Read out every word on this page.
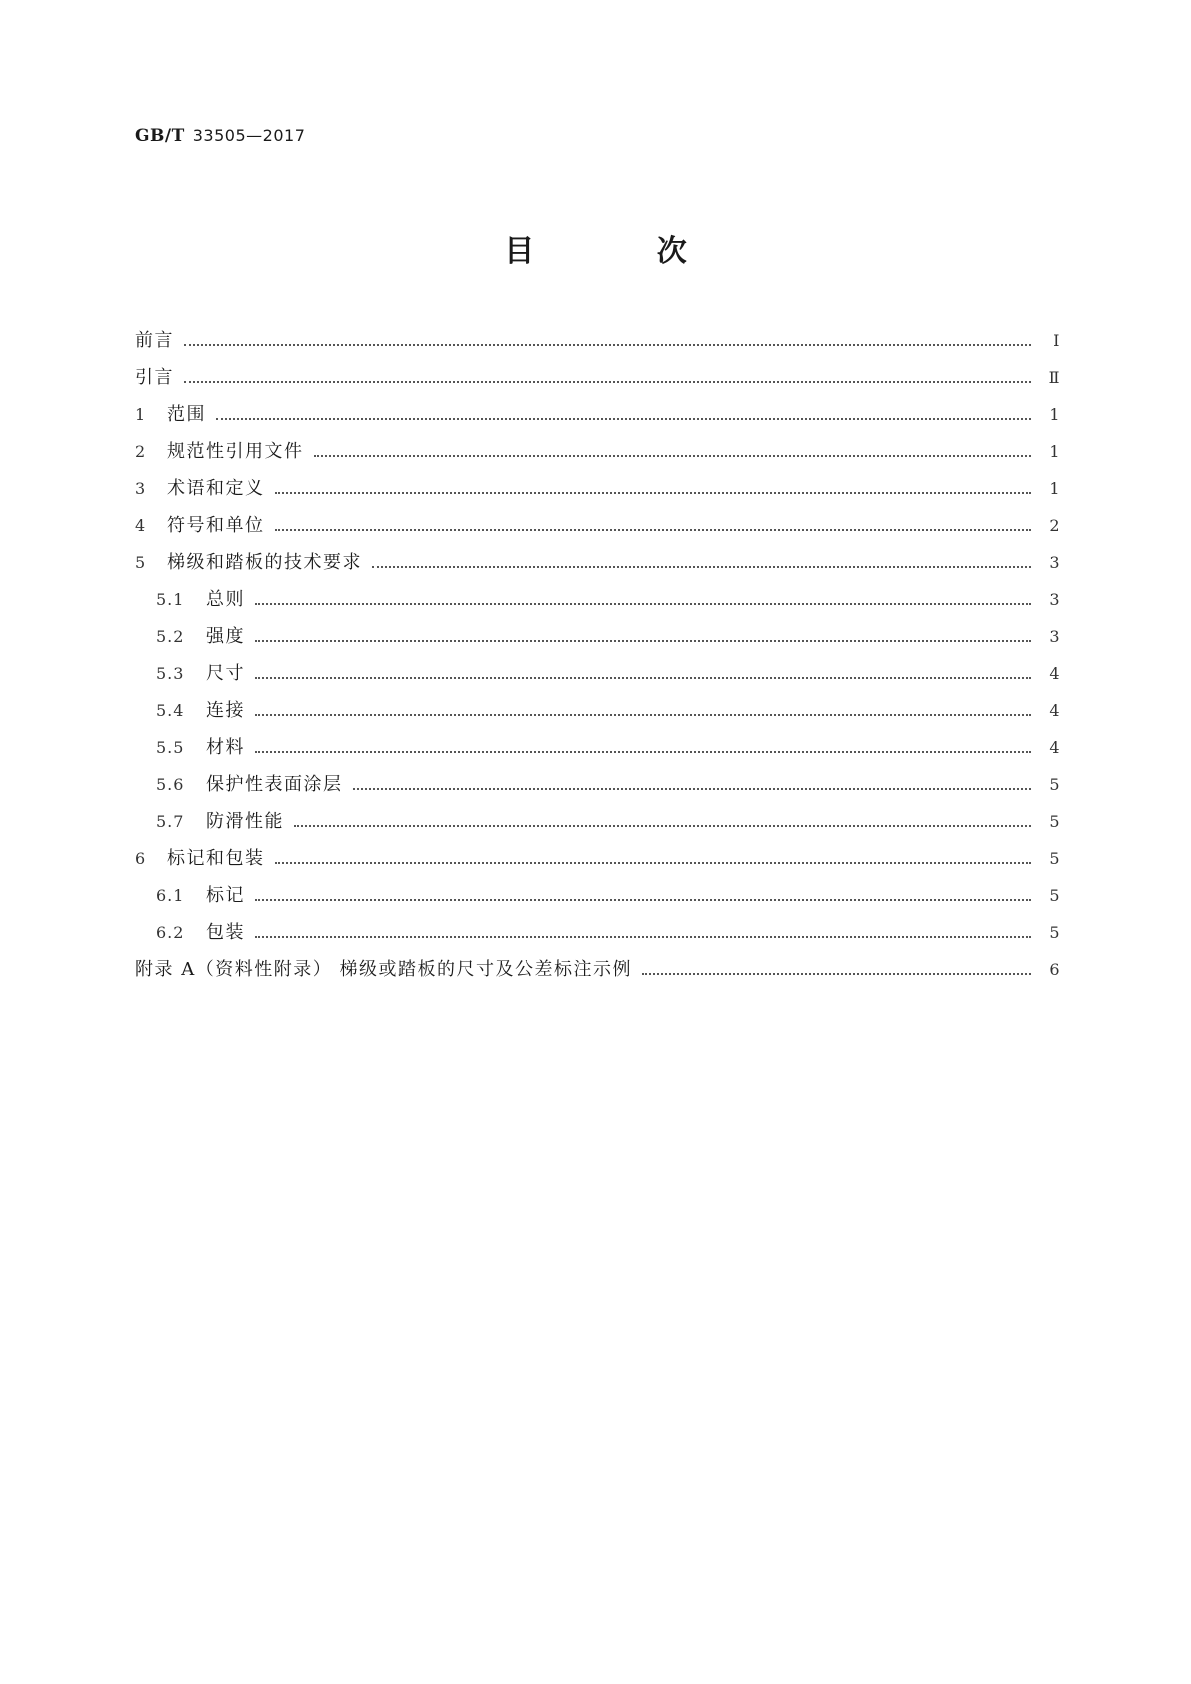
GB/T 33505—2017
目 次
前言	Ⅰ
引言	Ⅱ
1	范围	1
2	规范性引用文件	1
3	术语和定义	1
4	符号和单位	2
5	梯级和踏板的技术要求	3
5.1	总则	3
5.2	强度	3
5.3	尺寸	4
5.4	连接	4
5.5	材料	4
5.6	保护性表面涂层	5
5.7	防滑性能	5
6	标记和包装	5
6.1	标记	5
6.2	包装	5
附录 A（资料性附录） 梯级或踏板的尺寸及公差标注示例	6
